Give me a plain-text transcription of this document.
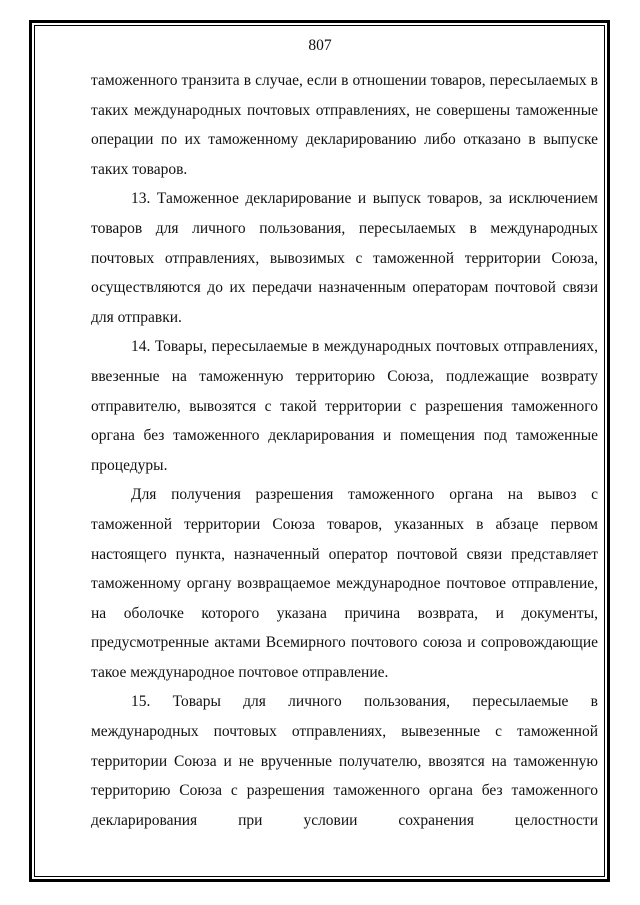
807

таможенного транзита в случае, если в отношении товаров, пересылаемых в таких международных почтовых отправлениях, не совершены таможенные операции по их таможенному декларированию либо отказано в выпуске таких товаров.

13. Таможенное декларирование и выпуск товаров, за исключением товаров для личного пользования, пересылаемых в международных почтовых отправлениях, вывозимых с таможенной территории Союза, осуществляются до их передачи назначенным операторам почтовой связи для отправки.

14. Товары, пересылаемые в международных почтовых отправлениях, ввезенные на таможенную территорию Союза, подлежащие возврату отправителю, вывозятся с такой территории с разрешения таможенного органа без таможенного декларирования и помещения под таможенные процедуры.

Для получения разрешения таможенного органа на вывоз с таможенной территории Союза товаров, указанных в абзаце первом настоящего пункта, назначенный оператор почтовой связи представляет таможенному органу возвращаемое международное почтовое отправление, на оболочке которого указана причина возврата, и документы, предусмотренные актами Всемирного почтового союза и сопровождающие такое международное почтовое отправление.

15. Товары для личного пользования, пересылаемые в международных почтовых отправлениях, вывезенные с таможенной территории Союза и не врученные получателю, ввозятся на таможенную территорию Союза с разрешения таможенного органа без таможенного декларирования при условии сохранения целостности
